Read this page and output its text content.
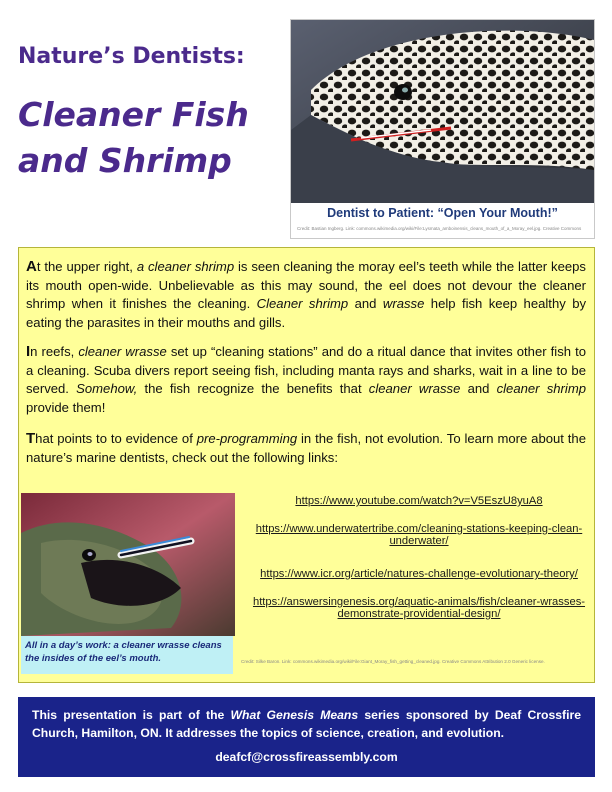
Nature’s Dentists:
Cleaner Fish and Shrimp
Dentist to Patient: “Open Your Mouth!”
Credit: Bastian Ingberg. Link: commons.wikimedia.org/wiki/File:Lysmata_amboinensis_cleans_mouth_of_a_Moray_eel.jpg. Creative Commons
At the upper right, a cleaner shrimp is seen cleaning the moray eel’s teeth while the latter keeps its mouth open-wide. Unbelievable as this may sound, the eel does not devour the cleaner shrimp when it finishes the cleaning. Cleaner shrimp and wrasse help fish keep healthy by eating the parasites in their mouths and gills.
In reefs, cleaner wrasse set up “cleaning stations” and do a ritual dance that invites other fish to a cleaning. Scuba divers report seeing fish, including manta rays and sharks, wait in a line to be served. Somehow, the fish recognize the benefits that cleaner wrasse and cleaner shrimp provide them!
That points to to evidence of pre-programming in the fish, not evolution. To learn more about the nature’s marine dentists, check out the following links:
All in a day’s work: a cleaner wrasse cleans the insides of the eel’s mouth.
https://www.youtube.com/watch?v=V5EszU8yuA8
https://www.underwatertribe.com/cleaning-stations-keeping-clean-underwater/
https://www.icr.org/article/natures-challenge-evolutionary-theory/
https://answersingenesis.org/aquatic-animals/fish/cleaner-wrasses-demonstrate-providential-design/
Credit: Silke Baron. Link: commons.wikimedia.org/wiki/File:Giant_Moray_fish_getting_cleaned.jpg. Creative Commons Attribution 2.0 Generic license.
This presentation is part of the What Genesis Means series sponsored by Deaf Crossfire Church, Hamilton, ON. It addresses the topics of science, creation, and evolution.
deafcf@crossfireassembly.com
